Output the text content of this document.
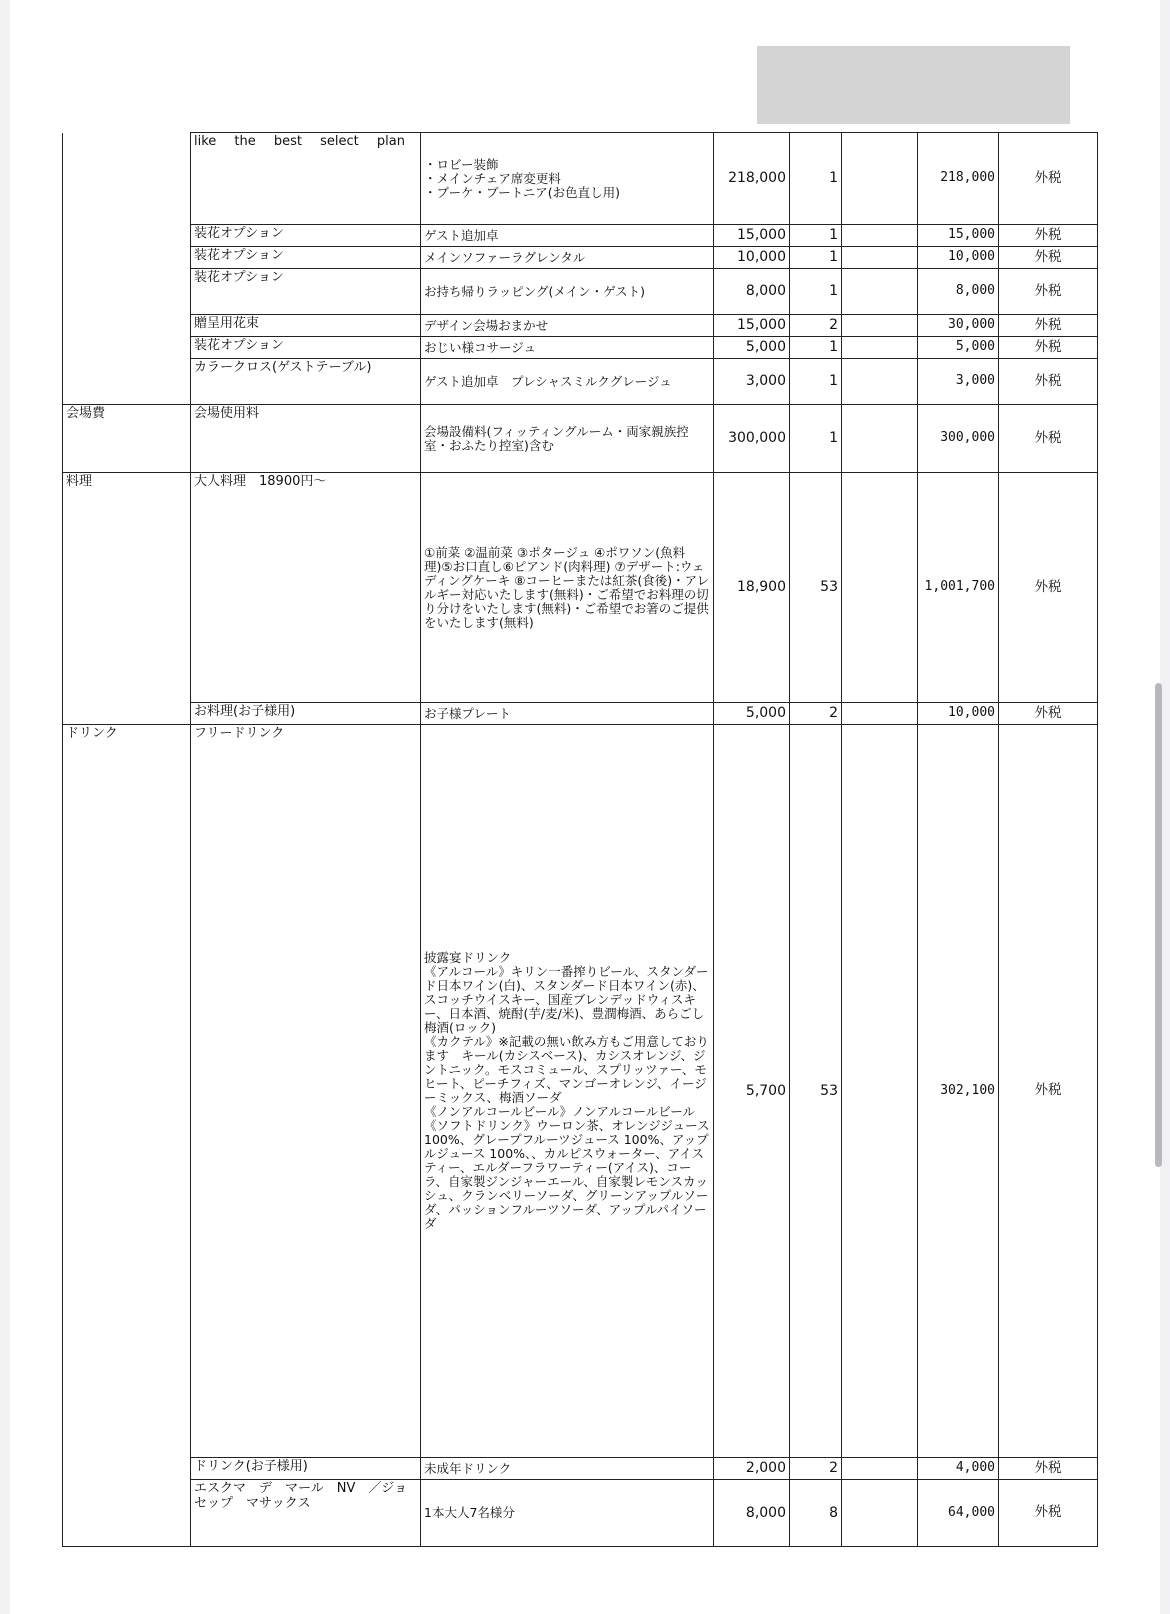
	like the best select plan	・ロビー装飾
・メインチェア席変更料
・ブーケ・ブートニア(お色直し用)	218,000	1		218,000	外税
	装花オプション	ゲスト追加卓	15,000	1		15,000	外税
	装花オプション	メインソファーラグレンタル	10,000	1		10,000	外税
	装花オプション	お持ち帰りラッピング(メイン・ゲスト)	8,000	1		8,000	外税
	贈呈用花束	デザイン会場おまかせ	15,000	2		30,000	外税
	装花オプション	おじい様コサージュ	5,000	1		5,000	外税
	カラークロス(ゲストテーブル)	ゲスト追加卓　プレシャスミルクグレージュ	3,000	1		3,000	外税
会場費	会場使用料	会場設備料(フィッティングルーム・両家親族控室・おふたり控室)含む	300,000	1		300,000	外税
料理	大人料理　18900円〜	①前菜 ②温前菜 ③ポタージュ ④ポワソン(魚料理)⑤お口直し⑥ピアンド(肉料理) ⑦デザート:ウェディングケーキ ⑧コーヒーまたは紅茶(食後)・アレルギー対応いたします(無料)・ご希望でお料理の切り分けをいたします(無料)・ご希望でお箸のご提供をいたします(無料)	18,900	53		1,001,700	外税
	お料理(お子様用)	お子様プレート	5,000	2		10,000	外税
ドリンク	フリードリンク	披露宴ドリンク
《アルコール》キリン一番搾りビール、スタンダード日本ワイン(白)、スタンダード日本ワイン(赤)、スコッチウイスキー、国産ブレンデッドウィスキー、日本酒、焼酎(芋/麦/米)、豊潤梅酒、あらごし梅酒(ロック)
《カクテル》※記載の無い飲み方もご用意しております　キール(カシスベース)、カシスオレンジ、ジントニック。モスコミュール、スプリッツァー、モヒート、ピーチフィズ、マンゴーオレンジ、イージーミックス、梅酒ソーダ
《ノンアルコールビール》ノンアルコールビール
《ソフトドリンク》ウーロン茶、オレンジジュース100%、グレープフルーツジュース 100%、アップルジュース 100%、、カルピスウォーター、アイスティー、エルダーフラワーティー(アイス)、コーラ、自家製ジンジャーエール、自家製レモンスカッシュ、クランベリーソーダ、グリーンアップルソーダ、パッションフルーツソーダ、アップルパイソーダ	5,700	53		302,100	外税
	ドリンク(お子様用)	未成年ドリンク	2,000	2		4,000	外税
	エスクマ　デ　マール　NV　／ジョセップ　マサックス	1本大人7名様分	8,000	8		64,000	外税
